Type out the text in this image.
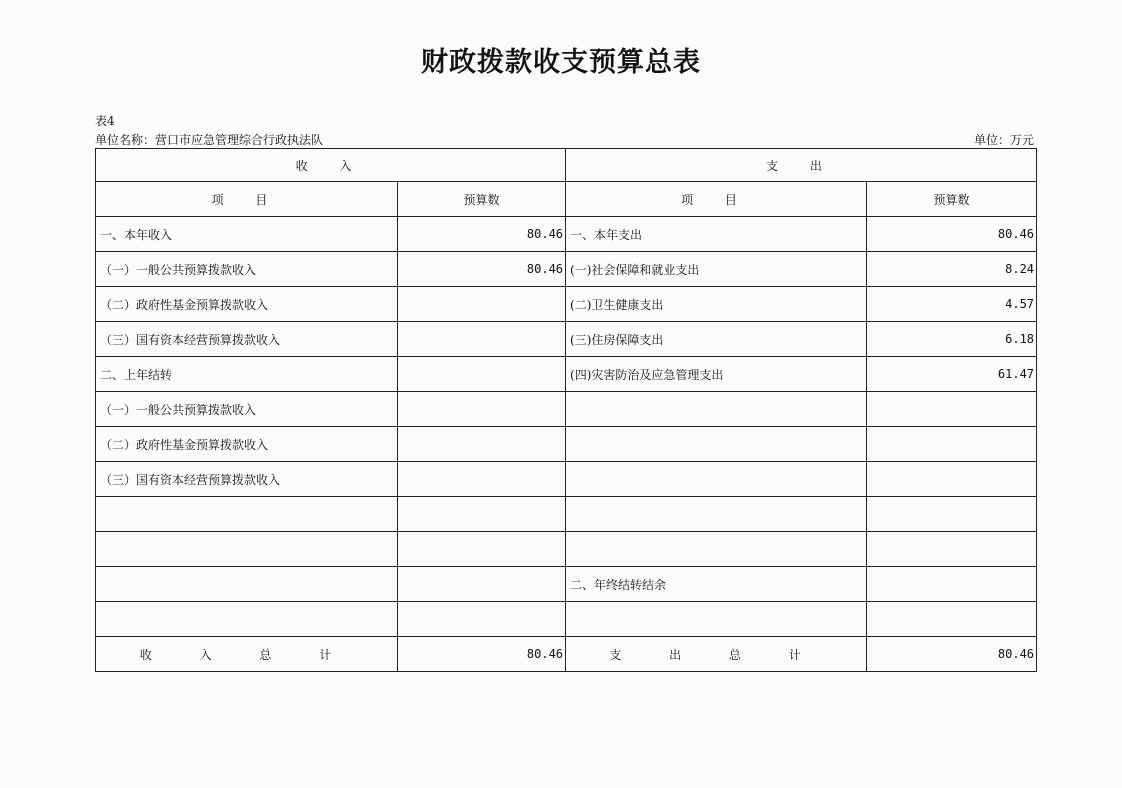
财政拨款收支预算总表
表4
单位名称：营口市应急管理综合行政执法队	单位：万元
收 入		支 出	
项 目	预算数	项 目	预算数
一、本年收入	80.46	一、本年支出	80.46
（一）一般公共预算拨款收入	80.46	(一)社会保障和就业支出	8.24
（二）政府性基金预算拨款收入		(二)卫生健康支出	4.57
（三）国有资本经营预算拨款收入		(三)住房保障支出	6.18
二、上年结转		(四)灾害防治及应急管理支出	61.47
（一）一般公共预算拨款收入			
（二）政府性基金预算拨款收入			
（三）国有资本经营预算拨款收入			

		二、年终结转结余	

收 入 总 计	80.46	支 出 总 计	80.46
